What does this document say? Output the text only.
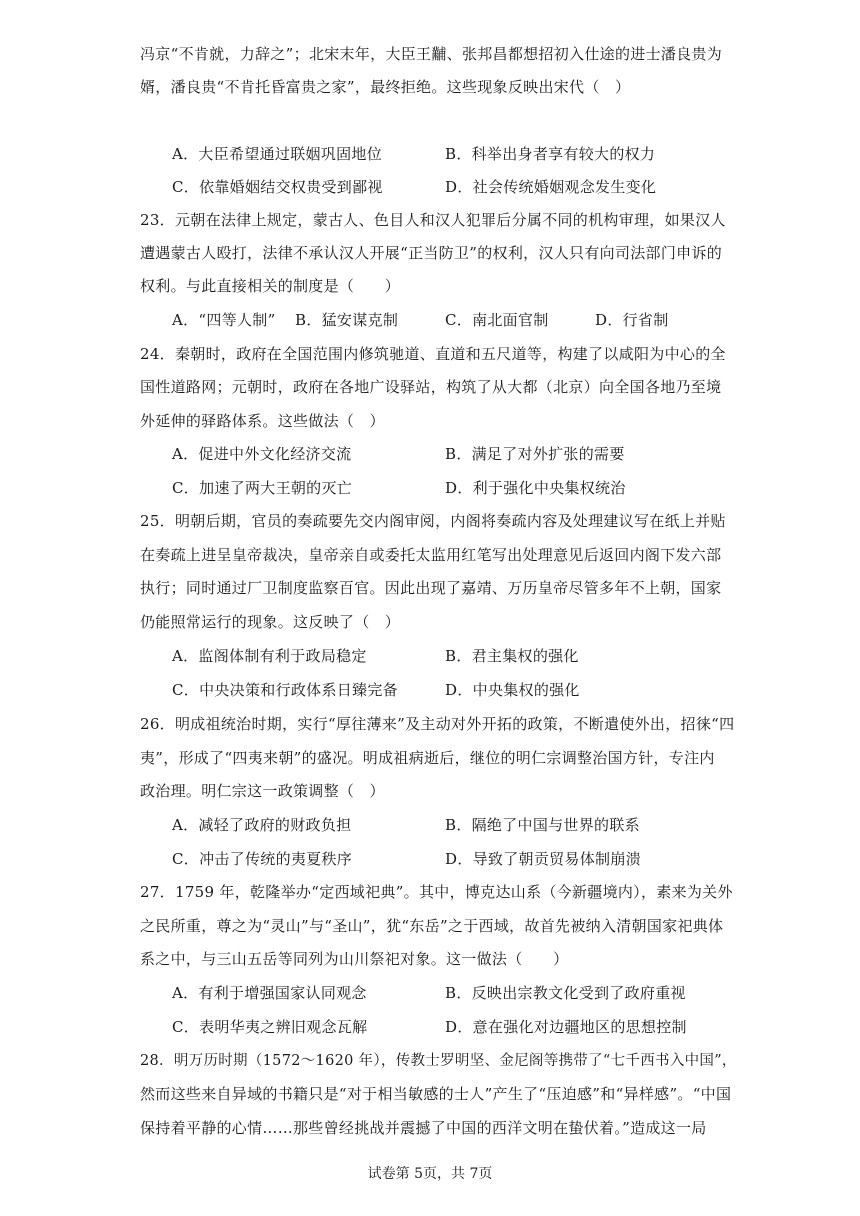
冯京“不肯就，力辞之”；北宋末年，大臣王黼、张邦昌都想招初入仕途的进士潘良贵为
婿，潘良贵“不肯托昏富贵之家”，最终拒绝。这些现象反映出宋代（　）
A．大臣希望通过联姻巩固地位	B．科举出身者享有较大的权力
C．依靠婚姻结交权贵受到鄙视	D．社会传统婚姻观念发生变化
23．元朝在法律上规定，蒙古人、色目人和汉人犯罪后分属不同的机构审理，如果汉人
遭遇蒙古人殴打，法律不承认汉人开展“正当防卫”的权利，汉人只有向司法部门申诉的
权利。与此直接相关的制度是（　　）
A．“四等人制” B．猛安谋克制	C．南北面官制	D．行省制
24．秦朝时，政府在全国范围内修筑驰道、直道和五尺道等，构建了以咸阳为中心的全
国性道路网；元朝时，政府在各地广设驿站，构筑了从大都（北京）向全国各地乃至境
外延伸的驿路体系。这些做法（　）
A．促进中外文化经济交流	B．满足了对外扩张的需要
C．加速了两大王朝的灭亡	D．利于强化中央集权统治
25．明朝后期，官员的奏疏要先交内阁审阅，内阁将奏疏内容及处理建议写在纸上并贴
在奏疏上进呈皇帝裁决，皇帝亲自或委托太监用红笔写出处理意见后返回内阁下发六部
执行；同时通过厂卫制度监察百官。因此出现了嘉靖、万历皇帝尽管多年不上朝，国家
仍能照常运行的现象。这反映了（　）
A．监阁体制有利于政局稳定	B．君主集权的强化
C．中央决策和行政体系日臻完备	D．中央集权的强化
26．明成祖统治时期，实行“厚往薄来”及主动对外开拓的政策，不断遣使外出，招徕“四
夷”，形成了“四夷来朝”的盛况。明成祖病逝后，继位的明仁宗调整治国方针，专注内
政治理。明仁宗这一政策调整（　）
A．减轻了政府的财政负担	B．隔绝了中国与世界的联系
C．冲击了传统的夷夏秩序	D．导致了朝贡贸易体制崩溃
27．1759 年，乾隆举办“定西域祀典”。其中，博克达山系（今新疆境内），素来为关外
之民所重，尊之为“灵山”与“圣山”，犹“东岳”之于西域，故首先被纳入清朝国家祀典体
系之中，与三山五岳等同列为山川祭祀对象。这一做法（　　）
A．有利于增强国家认同观念	B．反映出宗教文化受到了政府重视
C．表明华夷之辨旧观念瓦解	D．意在强化对边疆地区的思想控制
28．明万历时期（1572～1620 年），传教士罗明坚、金尼阁等携带了“七千西书入中国”，
然而这些来自异域的书籍只是“对于相当敏感的士人”产生了“压迫感”和“异样感”。“中国
保持着平静的心情……那些曾经挑战并震撼了中国的西洋文明在蛰伏着。”造成这一局
试卷第 5页，共 7页
